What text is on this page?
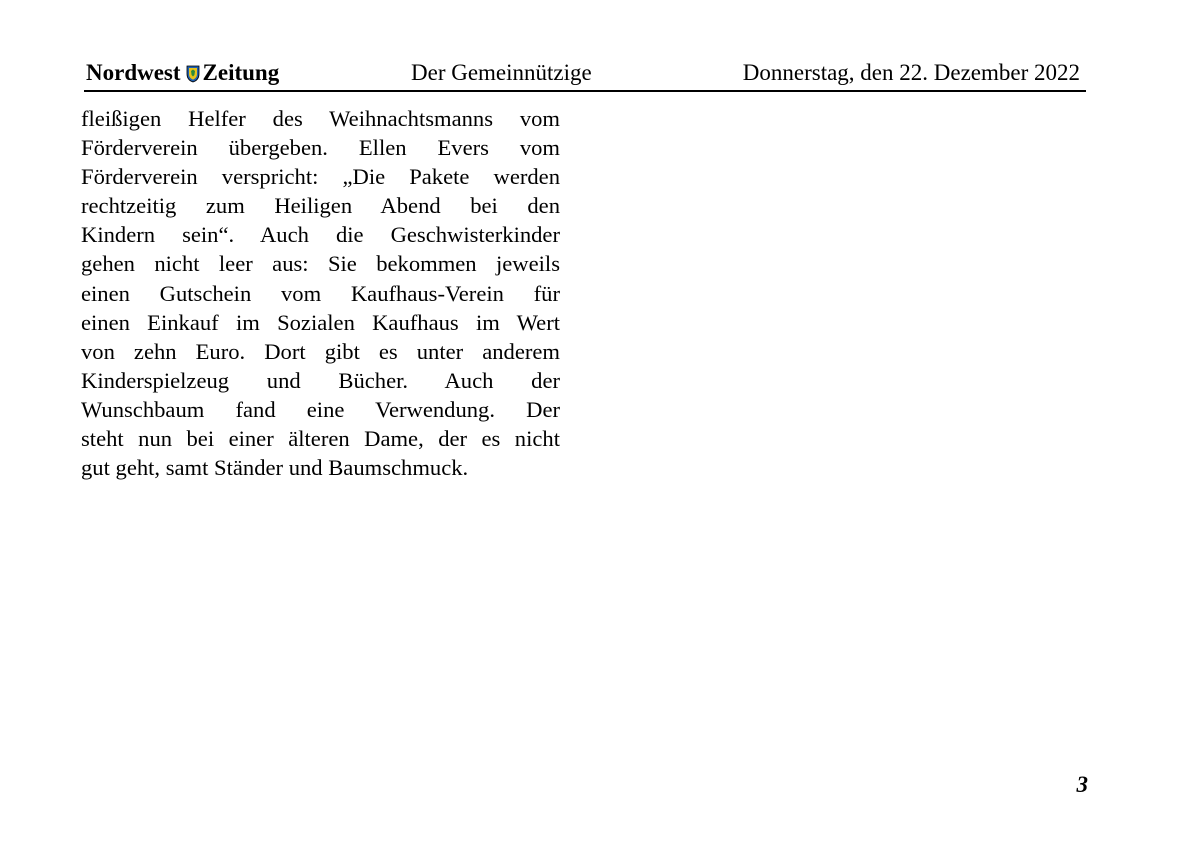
Nordwest Zeitung	Der Gemeinnützige	Donnerstag, den 22. Dezember 2022
fleißigen Helfer des Weihnachtsmanns vom
Förderverein übergeben. Ellen Evers vom
Förderverein verspricht: „Die Pakete werden
rechtzeitig zum Heiligen Abend bei den
Kindern sein“. Auch die Geschwisterkinder
gehen nicht leer aus: Sie bekommen jeweils
einen Gutschein vom Kaufhaus-Verein für
einen Einkauf im Sozialen Kaufhaus im Wert
von zehn Euro. Dort gibt es unter anderem
Kinderspielzeug und Bücher. Auch der
Wunschbaum fand eine Verwendung. Der
steht nun bei einer älteren Dame, der es nicht
gut geht, samt Ständer und Baumschmuck.
3
